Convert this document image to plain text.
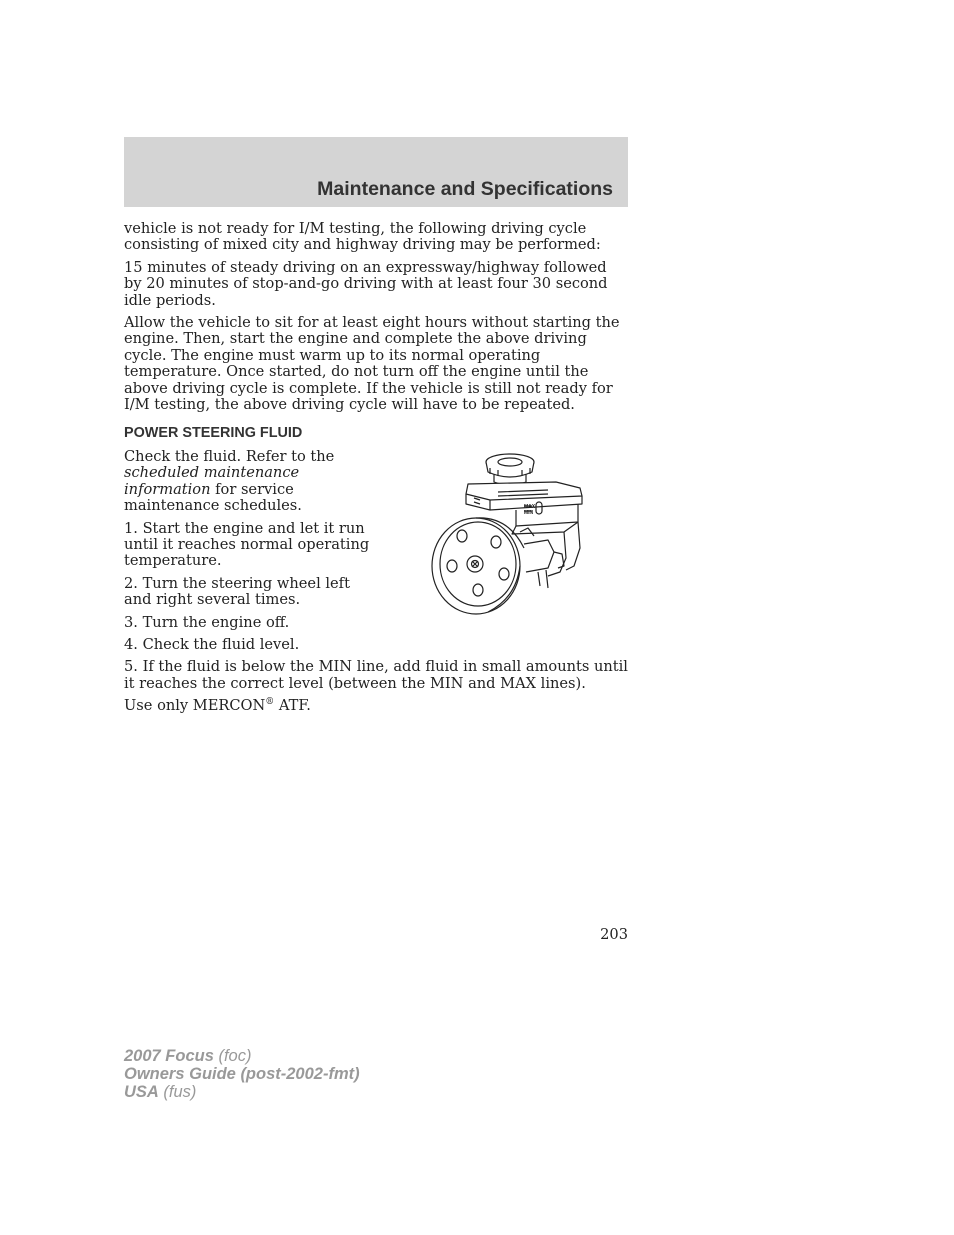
Maintenance and Specifications

vehicle is not ready for I/M testing, the following driving cycle consisting of mixed city and highway driving may be performed:

15 minutes of steady driving on an expressway/highway followed by 20 minutes of stop-and-go driving with at least four 30 second idle periods.

Allow the vehicle to sit for at least eight hours without starting the engine. Then, start the engine and complete the above driving cycle. The engine must warm up to its normal operating temperature. Once started, do not turn off the engine until the above driving cycle is complete. If the vehicle is still not ready for I/M testing, the above driving cycle will have to be repeated.

POWER STEERING FLUID

Check the fluid. Refer to the scheduled maintenance information for service maintenance schedules.

1. Start the engine and let it run until it reaches normal operating temperature.

2. Turn the steering wheel left and right several times.

3. Turn the engine off.

4. Check the fluid level.

5. If the fluid is below the MIN line, add fluid in small amounts until it reaches the correct level (between the MIN and MAX lines).

Use only MERCON® ATF.

MAX
MIN
203
2007 Focus (foc)
Owners Guide (post-2002-fmt)
USA (fus)
